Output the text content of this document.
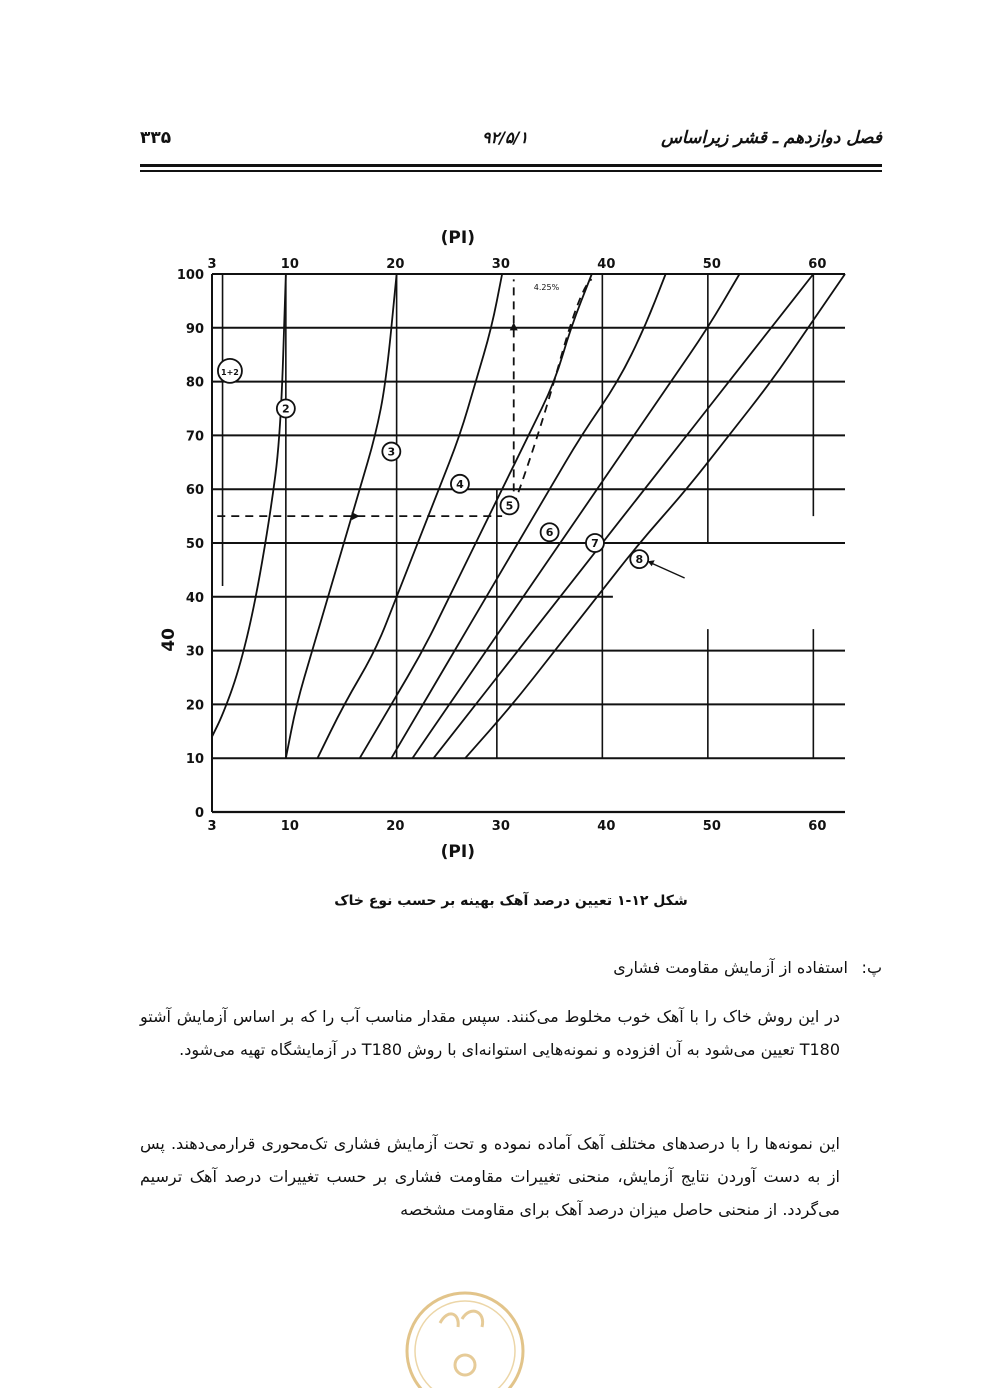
۳۳۵	۹۲/۵/۱	فصل دوازدهم ـ قشر زیراساس
0
10
20
30
40
50
60
70
80
90
100
3
3
10
10
20
20
30
30
40
40
50
50
60
60
(PI)
(PI)
40
4.25%
1+2
2
3
4
5
6
7
8
شکل ۱۲-۱ تعیین درصد آهک بهینه بر حسب نوع خاک
پ:استفاده از آزمایش مقاومت فشاری
در این روش خاک را با آهک خوب مخلوط می‌کنند. سپس مقدار مناسب آب را که بر اساس آزمایش آشتو T180 تعیین می‌شود به آن افزوده و نمونه‌هایی استوانه‌ای با روش T180 در آزمایشگاه تهیه می‌شود.
این نمونه‌ها را با درصدهای مختلف آهک آماده نموده و تحت آزمایش فشاری تک‌محوری قرارمی‌دهند. پس از به دست آوردن نتایج آزمایش، منحنی تغییرات مقاومت فشاری بر حسب تغییرات درصد آهک ترسیم می‌گردد. از منحنی حاصل میزان درصد آهک برای مقاومت مشخصه
